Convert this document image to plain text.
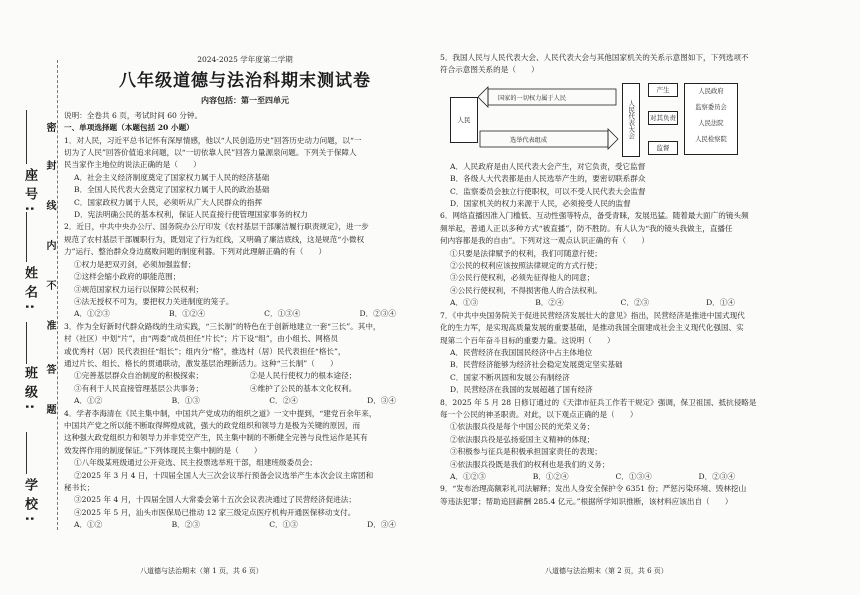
学校:
班级:
姓名:
座号:
密
封
线
内
不
准
答
题
2024-2025 学年度第二学期
八年级道德与法治科期末测试卷
内容包括：第一至四单元

说明：全卷共 6 页，考试时间 60 分钟。

一、单项选择题（本题包括 20 小题）

1．对人民，习近平总书记怀有深厚情感，他以“人民创造历史”回答历史动力问题，以“一

切为了人民”回答价值追求问题，以“一切依靠人民”回答力量源泉问题。下列关于保障人

民当家作主地位的说法正确的是（　　）

A．社会主义经济制度奠定了国家权力属于人民的经济基础

B．全国人民代表大会奠定了国家权力属于人民的政治基础

C．国家政权力属于人民，必须听从广大人民群众的指挥

D．宪法明确公民的基本权利，保证人民直接行使管理国家事务的权力

2．近日，中共中央办公厅、国务院办公厅印发《农村基层干部廉洁履行职责规定》，进一步

规范了农村基层干部履职行为，既划定了行为红线，又明确了廉洁底线，这是规范“小微权

力”运行、整治群众身边腐败问题的制度利器。下列对此理解正确的有（　　）

①权力是把双刃剑，必须加强监督；

②这样会缩小政府的职能范围；

③规范国家权力运行以保障公民权利；

④法无授权不可为，要把权力关进制度的笼子。

A．①②③	B．①②④	C．①③④	D．②③④

3．作为全好新时代群众路线的生动实践，“三长制”的特色在于创新地建立一套“三长”。其中，

村（社区）中划“片”，由“两委”成员担任“片长”；片下设“组”，由小组长、网格员

或优秀村（居）民代表担任“组长”；组内分“格”，推选村（居）民代表担任“格长”，

通过片长、组长、格长的贯通联动，激发基层治理新活力。这种“三长制”（　　）

①完善基层群众自治制度的积极探索；	②是人民行使权力的根本途径；
③有利于人民直接管理基层公共事务；	④维护了公民的基本文化权利。
A．①②	B．①③	C．②④	D．③④

4．学者李海清在《民主集中制，中国共产党成功的组织之道》一文中提到，“建党百余年来，

中国共产党之所以能不断取得辉煌成就，强大的政党组织和领导力是极为关键的原因，而

这种强大政党组织力和领导力并非凭空产生，民主集中制的不断健全完善与良性运作是其有

效发挥作用的制度保证。”下列体现民主集中制的是（　　）

①八年级某班级通过公开竞选、民主投票选举班干部，组建班级委员会；

②2025 年 3 月 4 日，十四届全国人大三次会议举行预备会议选举产生本次会议主席团和

秘书长；

③2025 年 4 月，十四届全国人大常委会第十五次会议表决通过了民营经济促进法；

④2025 年 5 月，汕头市医保局已推动 12 家三级定点医疗机构开通医保移动支付。

A．①②	B．②③	C．①③	D．③④

5．我国人民与人民代表大会、人民代表大会与其他国家机关的关系示意图如下，下列选项不

符合示意图关系的是（　　）

人民
国家的一切权力属于人民
选举代表组成
人民代表大会
产生
对其负责
监督
人民政府
监察委员会
人民法院
人民检察院

A．人民政府是由人民代表大会产生，对它负责，受它监督

B．各级人大代表都是由人民选举产生的，要密切联系群众

C．监察委员会独立行使职权，可以不受人民代表大会监督

D．国家机关的权力来源于人民，必须接受人民的监督

6．网络直播因准入门槛低、互动性强等特点，备受青睐，发展迅猛。随着最大面广的镜头频

频举起，普通人正以多种方式“被直播”，防不胜防。有人认为“我的镜头我做主，直播任

何内容都是我的自由”。下列对这一观点认识正确的有（　　）

①只要是法律赋予的权利，我们可随意行使；

②公民的权利应该按照法律规定的方式行使；

③公民行使权利，必须先征得他人的同意；

④公民行使权利，不得损害他人的合法权利。

A．①③	B．②④	C．②③	D．①④

7．《中共中央国务院关于促进民营经济发展壮大的意见》指出，民营经济是推进中国式现代

化的生力军，是实现高质量发展的重要基础，是推动我国全面建成社会主义现代化强国、实

现第二个百年奋斗目标的重要力量。这说明（　　）

A．民营经济在我国国民经济中占主体地位

B．民营经济能够为经济社会稳定发展奠定坚实基础

C．国家不断巩固和发展公有制经济

D．民营经济在我国的发展超越了国有经济

8．2025 年 5 月 28 日修订通过的《天津市征兵工作若干规定》强调，保卫祖国、抵抗侵略是

每一个公民的神圣职责。对此，以下观点正确的是（　　）

①依法服兵役是每个中国公民的光荣义务；

②依法服兵役是弘扬爱国主义精神的体现；

③积极参与征兵是积极承担国家责任的表现；

④依法服兵役既是我们的权利也是我们的义务；

A．①②③	B．①②④	C．①③④	D．②③④

9．“发布治理高额彩礼司法解释；发出人身安全保护令 6351 份；严惩污染环境、毁林挖山

等违法犯罪；帮助追回薪酬 285.4 亿元。”根据所学知识推断，该材料应该出自（　　）

八道德与法治期末（第 1 页，共 6 页）	八道德与法治期末（第 2 页，共 6 页）
